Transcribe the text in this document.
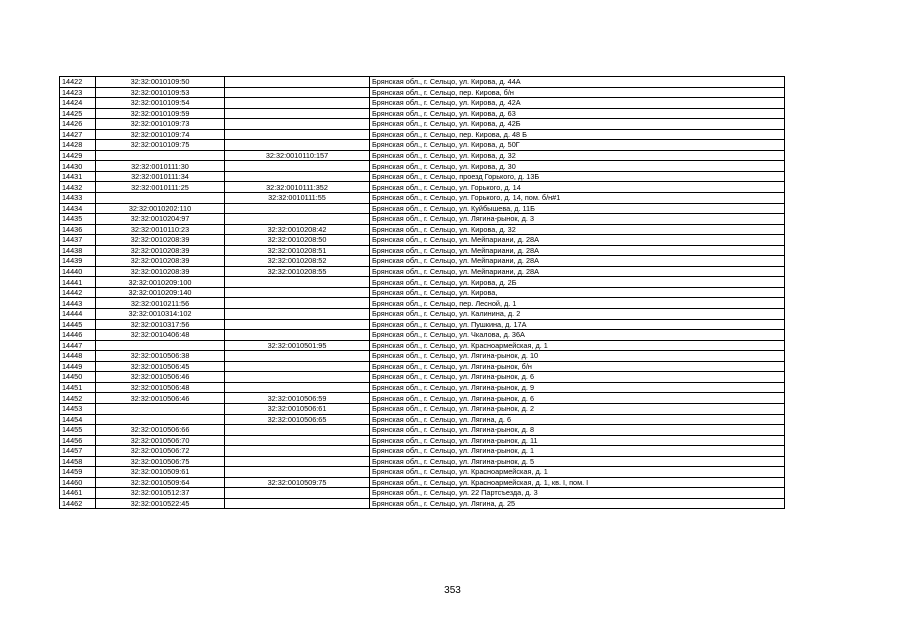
14422	32:32:0010109:50		Брянская обл., г. Сельцо, ул. Кирова, д. 44А
14423	32:32:0010109:53		Брянская обл., г. Сельцо, пер. Кирова, б/н
14424	32:32:0010109:54		Брянская обл., г. Сельцо, ул. Кирова, д. 42А
14425	32:32:0010109:59		Брянская обл., г. Сельцо, ул. Кирова, д. 63
14426	32:32:0010109:73		Брянская обл., г. Сельцо, ул. Кирова, д. 42Б
14427	32:32:0010109:74		Брянская обл., г. Сельцо, пер. Кирова, д. 48 Б
14428	32:32:0010109:75		Брянская обл., г. Сельцо, ул. Кирова, д. 50Г
14429		32:32:0010110:157	Брянская обл., г. Сельцо, ул. Кирова, д. 32
14430	32:32:0010111:30		Брянская обл., г. Сельцо, ул. Кирова, д. 30
14431	32:32:0010111:34		Брянская обл., г. Сельцо, проезд Горького, д. 13Б
14432	32:32:0010111:25	32:32:0010111:352	Брянская обл., г. Сельцо, ул. Горького, д. 14
14433		32:32:0010111:55	Брянская обл., г. Сельцо, ул. Горького, д. 14, пом. б/н#1
14434	32:32:0010202:110		Брянская обл., г. Сельцо, ул. Куйбышева, д. 11Б
14435	32:32:0010204:97		Брянская обл., г. Сельцо, ул. Лягина-рынок, д. 3
14436	32:32:0010110:23	32:32:0010208:42	Брянская обл., г. Сельцо, ул. Кирова, д. 32
14437	32:32:0010208:39	32:32:0010208:50	Брянская обл., г. Сельцо, ул. Мейпариани, д. 28А
14438	32:32:0010208:39	32:32:0010208:51	Брянская обл., г. Сельцо, ул. Мейпариани, д. 28А
14439	32:32:0010208:39	32:32:0010208:52	Брянская обл., г. Сельцо, ул. Мейпариани, д. 28А
14440	32:32:0010208:39	32:32:0010208:55	Брянская обл., г. Сельцо, ул. Мейпариани, д. 28А
14441	32:32:0010209:100		Брянская обл., г. Сельцо, ул. Кирова, д. 2Б
14442	32:32:0010209:140		Брянская обл., г. Сельцо, ул. Кирова,
14443	32:32:0010211:56		Брянская обл., г. Сельцо, пер. Лесной, д. 1
14444	32:32:0010314:102		Брянская обл., г. Сельцо, ул. Калинина, д. 2
14445	32:32:0010317:56		Брянская обл., г. Сельцо, ул. Пушкина, д. 17А
14446	32:32:0010406:48		Брянская обл., г. Сельцо, ул. Чкалова, д. 36А
14447		32:32:0010501:95	Брянская обл., г. Сельцо, ул. Красноармейская, д. 1
14448	32:32:0010506:38		Брянская обл., г. Сельцо, ул. Лягина-рынок, д. 10
14449	32:32:0010506:45		Брянская обл., г. Сельцо, ул. Лягина-рынок, б/н
14450	32:32:0010506:46		Брянская обл., г. Сельцо, ул. Лягина-рынок, д. 6
14451	32:32:0010506:48		Брянская обл., г. Сельцо, ул. Лягина-рынок, д. 9
14452	32:32:0010506:46	32:32:0010506:59	Брянская обл., г. Сельцо, ул. Лягина-рынок, д. 6
14453		32:32:0010506:61	Брянская обл., г. Сельцо, ул. Лягина-рынок, д. 2
14454		32:32:0010506:65	Брянская обл., г. Сельцо, ул. Лягина, д. 6
14455	32:32:0010506:66		Брянская обл., г. Сельцо, ул. Лягина-рынок, д. 8
14456	32:32:0010506:70		Брянская обл., г. Сельцо, ул. Лягина-рынок, д. 11
14457	32:32:0010506:72		Брянская обл., г. Сельцо, ул. Лягина-рынок, д. 1
14458	32:32:0010506:75		Брянская обл., г. Сельцо, ул. Лягина-рынок, д. 5
14459	32:32:0010509:61		Брянская обл., г. Сельцо, ул. Красноармейская, д. 1
14460	32:32:0010509:64	32:32:0010509:75	Брянская обл., г. Сельцо, ул. Красноармейская, д. 1, кв. I, пом. I
14461	32:32:0010512:37		Брянская обл., г. Сельцо, ул. 22 Партсъезда, д. 3
14462	32:32:0010522:45		Брянская обл., г. Сельцо, ул. Лягина, д. 25
353
